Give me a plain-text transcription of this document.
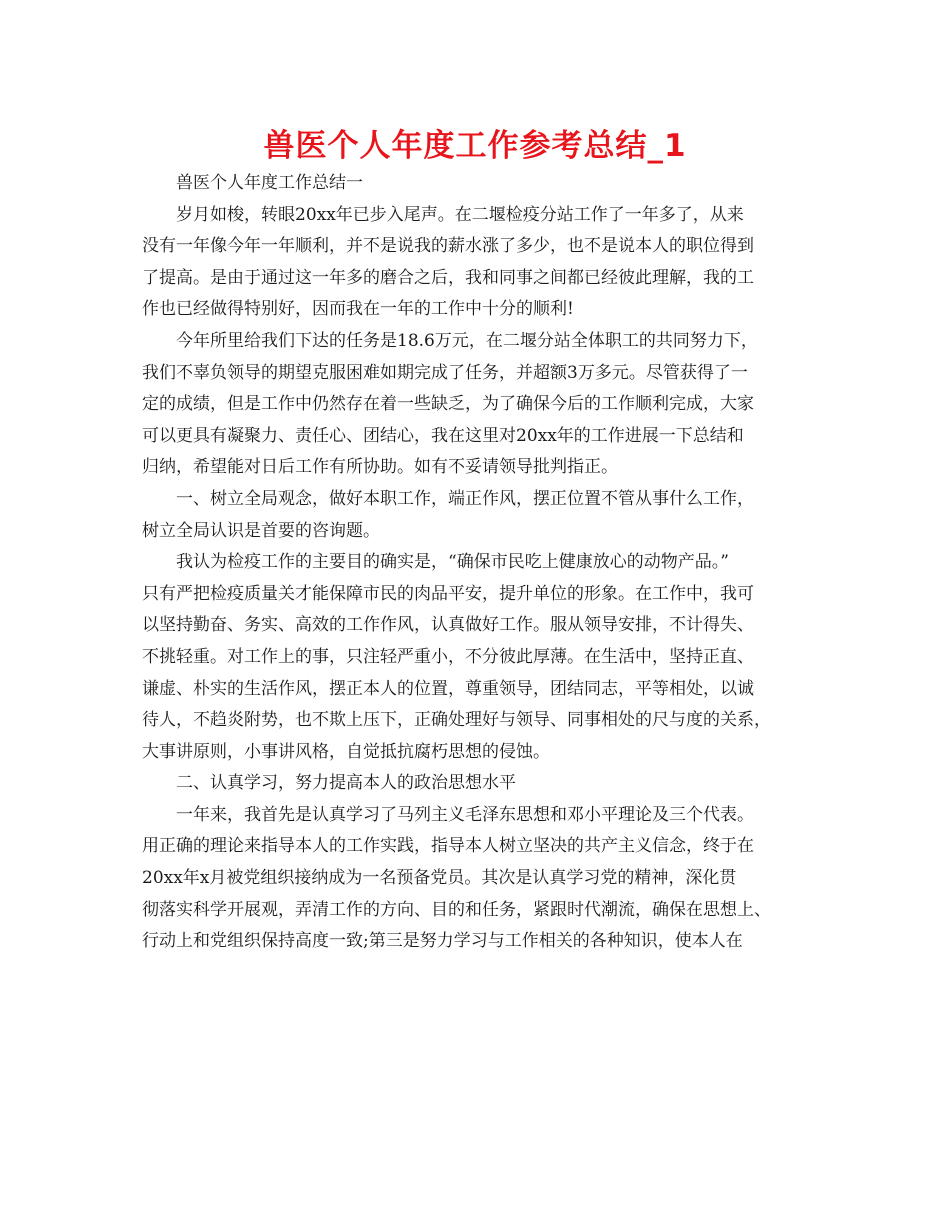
兽医个人年度工作参考总结_1
兽医个人年度工作总结一
岁月如梭，转眼20xx年已步入尾声。在二堰检疫分站工作了一年多了，从来
没有一年像今年一年顺利，并不是说我的薪水涨了多少，也不是说本人的职位得到
了提高。是由于通过这一年多的磨合之后，我和同事之间都已经彼此理解，我的工
作也已经做得特别好，因而我在一年的工作中十分的顺利!
今年所里给我们下达的任务是18.6万元，在二堰分站全体职工的共同努力下，
我们不辜负领导的期望克服困难如期完成了任务，并超额3万多元。尽管获得了一
定的成绩，但是工作中仍然存在着一些缺乏，为了确保今后的工作顺利完成，大家
可以更具有凝聚力、责任心、团结心，我在这里对20xx年的工作进展一下总结和
归纳，希望能对日后工作有所协助。如有不妥请领导批判指正。
一、树立全局观念，做好本职工作，端正作风，摆正位置不管从事什么工作，
树立全局认识是首要的咨询题。
我认为检疫工作的主要目的确实是，“确保市民吃上健康放心的动物产品。”
只有严把检疫质量关才能保障市民的肉品平安，提升单位的形象。在工作中，我可
以坚持勤奋、务实、高效的工作作风，认真做好工作。服从领导安排，不计得失、
不挑轻重。对工作上的事，只注轻严重小，不分彼此厚薄。在生活中，坚持正直、
谦虚、朴实的生活作风，摆正本人的位置，尊重领导，团结同志，平等相处，以诚
待人，不趋炎附势，也不欺上压下，正确处理好与领导、同事相处的尺与度的关系，
大事讲原则，小事讲风格，自觉抵抗腐朽思想的侵蚀。
二、认真学习，努力提高本人的政治思想水平
一年来，我首先是认真学习了马列主义毛泽东思想和邓小平理论及三个代表。
用正确的理论来指导本人的工作实践，指导本人树立坚决的共产主义信念，终于在
20xx年x月被党组织接纳成为一名预备党员。其次是认真学习党的精神，深化贯
彻落实科学开展观，弄清工作的方向、目的和任务，紧跟时代潮流，确保在思想上、
行动上和党组织保持高度一致;第三是努力学习与工作相关的各种知识，使本人在
